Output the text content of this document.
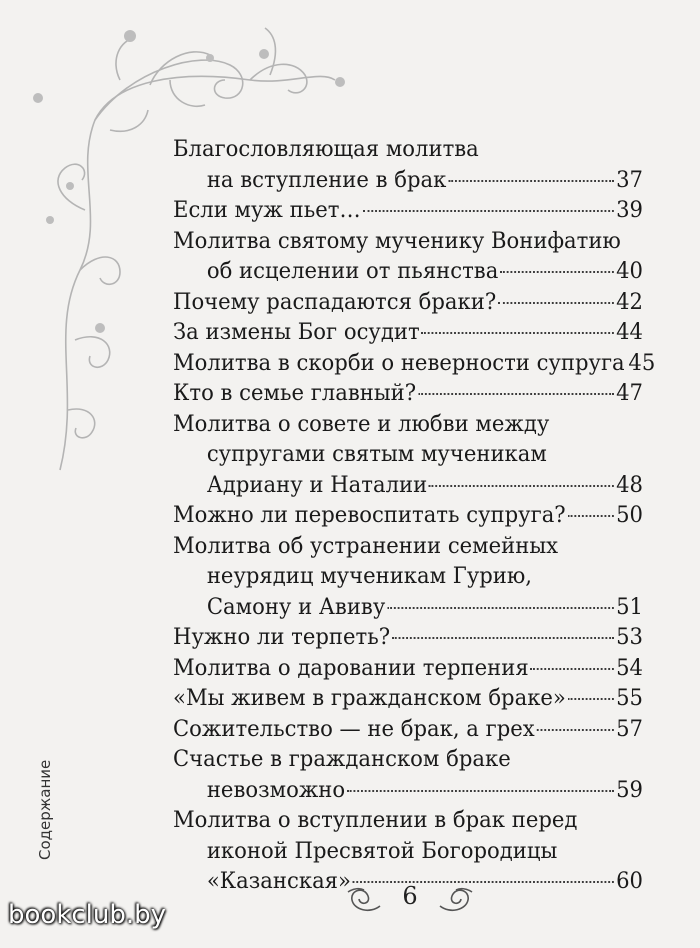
Благословляющая молитва
на вступление в брак	37
Если муж пьет…	39
Молитва святому мученику Вонифатию
об исцелении от пьянства	40
Почему распадаются браки?	42
За измены Бог осудит	44
Молитва в скорби о неверности супруга 45
Кто в семье главный?	47
Молитва о совете и любви между
супругами святым мученикам
Адриану и Наталии	48
Можно ли перевоспитать супруга? 50
Молитва об устранении семейных
неурядиц мученикам Гурию,
Самону и Авиву	51
Нужно ли терпеть?	53
Молитва о даровании терпения	54
«Мы живем в гражданском браке» 55
Сожительство — не брак, а грех	57
Счастье в гражданском браке
невозможно	59
Молитва о вступлении в брак перед
иконой Пресвятой Богородицы
«Казанская»	60
Содержание
6
bookclub.by
